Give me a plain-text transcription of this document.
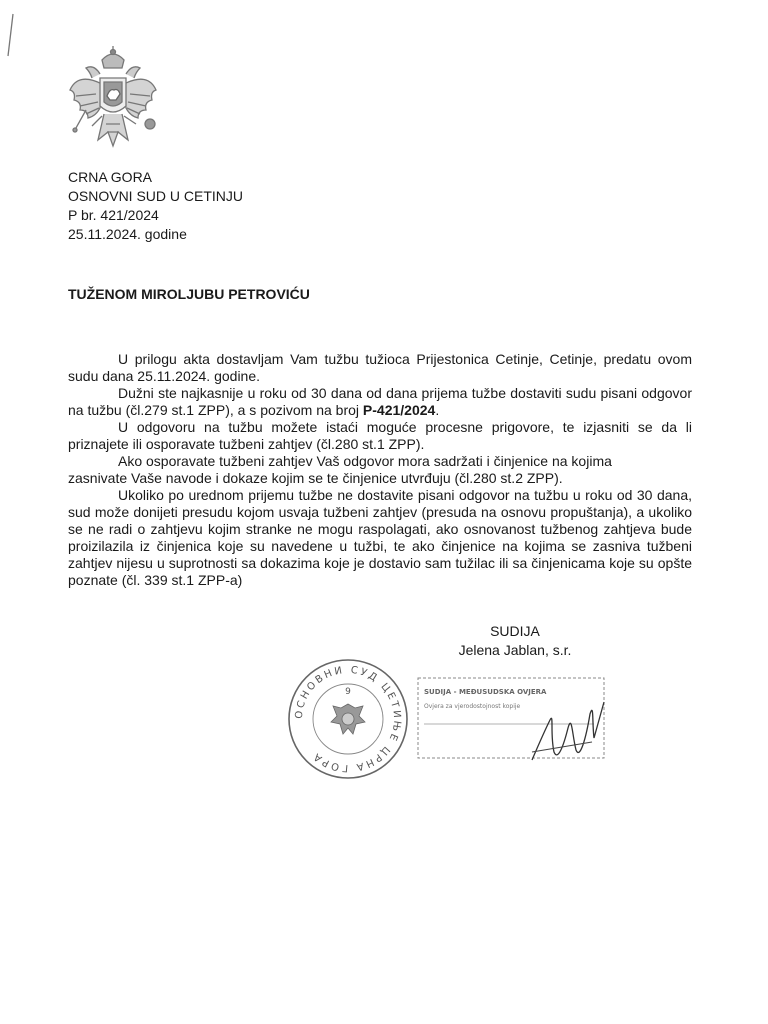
CRNA GORA
OSNOVNI SUD U CETINJU
P br. 421/2024
25.11.2024. godine
TUŽENOM MIROLJUBU PETROVIĆU

U prilogu akta dostavljam Vam tužbu tužioca Prijestonica Cetinje, Cetinje, predatu ovom sudu dana 25.11.2024. godine.

Dužni ste najkasnije u roku od 30 dana od dana prijema tužbe dostaviti sudu pisani odgovor na tužbu (čl.279 st.1 ZPP), a s pozivom na broj P-421/2024.

U odgovoru na tužbu možete istaći moguće procesne prigovore, te izjasniti se da li priznajete ili osporavate tužbeni zahtjev (čl.280 st.1 ZPP).

Ako osporavate tužbeni zahtjev Vaš odgovor mora sadržati i činjenice na kojima

zasnivate Vaše navode i dokaze kojim se te činjenice utvrđuju (čl.280 st.2 ZPP).

Ukoliko po urednom prijemu tužbe ne dostavite pisani odgovor na tužbu u roku od 30 dana, sud može donijeti presudu kojom usvaja tužbeni zahtjev (presuda na osnovu propuštanja), a ukoliko se ne radi o zahtjevu kojim stranke ne mogu raspolagati, ako osnovanost tužbenog zahtjeva bude proizilazila iz činjenica koje su navedene u tužbi, te ako činjenice na kojima se zasniva tužbeni zahtjev nijesu u suprotnosti sa dokazima koje je dostavio sam tužilac ili sa činjenicama koje su opšte poznate (čl. 339 st.1 ZPP-a)

SUDIJA
Jelena Jablan, s.r.
ОСНОВНИ СУД ЦЕТИЊЕ ЦРНА ГОРА
9	SUDIJA - MEĐUSUDSKA OVJERA
Ovjera za vjerodostojnost kopije
